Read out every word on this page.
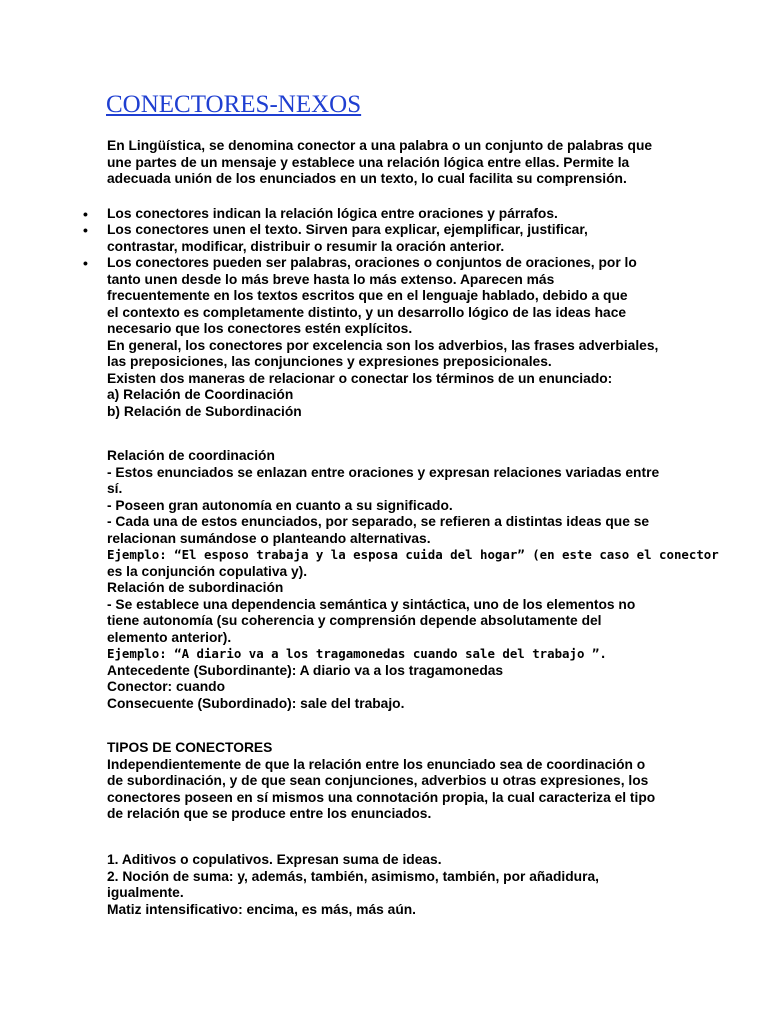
CONECTORES-NEXOS
En Lingüística, se denomina conector a una palabra o un conjunto de palabras que
une partes de un mensaje y establece una relación lógica entre ellas. Permite la
adecuada unión de los enunciados en un texto, lo cual facilita su comprensión.
• Los conectores indican la relación lógica entre oraciones y párrafos.
• Los conectores unen el texto. Sirven para explicar, ejemplificar, justificar,
contrastar, modificar, distribuir o resumir la oración anterior.
• Los conectores pueden ser palabras, oraciones o conjuntos de oraciones, por lo
tanto unen desde lo más breve hasta lo más extenso. Aparecen más
frecuentemente en los textos escritos que en el lenguaje hablado, debido a que
el contexto es completamente distinto, y un desarrollo lógico de las ideas hace
necesario que los conectores estén explícitos.
En general, los conectores por excelencia son los adverbios, las frases adverbiales,
las preposiciones, las conjunciones y expresiones preposicionales.
Existen dos maneras de relacionar o conectar los términos de un enunciado:
a) Relación de Coordinación
b) Relación de Subordinación
Relación de coordinación
- Estos enunciados se enlazan entre oraciones y expresan relaciones variadas entre
sí.
- Poseen gran autonomía en cuanto a su significado.
- Cada una de estos enunciados, por separado, se refieren a distintas ideas que se
relacionan sumándose o planteando alternativas.
Ejemplo: “El esposo trabaja y la esposa cuida del hogar” (en este caso el conector
es la conjunción copulativa y).
Relación de subordinación
- Se establece una dependencia semántica y sintáctica, uno de los elementos no
tiene autonomía (su coherencia y comprensión depende absolutamente del
elemento anterior).
Ejemplo: “A diario va a los tragamonedas cuando sale del trabajo ”.
Antecedente (Subordinante): A diario va a los tragamonedas
Conector: cuando
Consecuente (Subordinado): sale del trabajo.
TIPOS DE CONECTORES
Independientemente de que la relación entre los enunciado sea de coordinación o
de subordinación, y de que sean conjunciones, adverbios u otras expresiones, los
conectores poseen en sí mismos una connotación propia, la cual caracteriza el tipo
de relación que se produce entre los enunciados.
1. Aditivos o copulativos. Expresan suma de ideas.
2. Noción de suma: y, además, también, asimismo, también, por añadidura,
igualmente.
Matiz intensificativo: encima, es más, más aún.
